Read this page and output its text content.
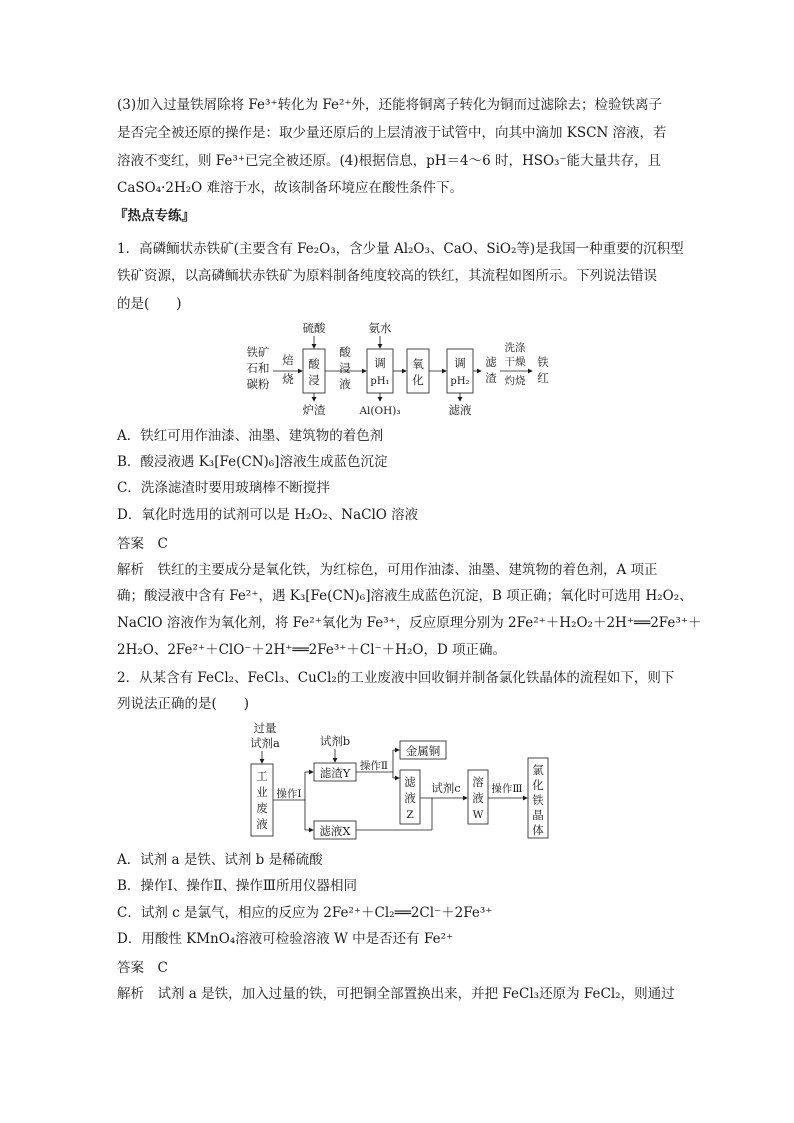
(3)加入过量铁屑除将 Fe³⁺转化为 Fe²⁺外，还能将铜离子转化为铜而过滤除去；检验铁离子
是否完全被还原的操作是：取少量还原后的上层清液于试管中，向其中滴加 KSCN 溶液，若
溶液不变红，则 Fe³⁺已完全被还原。(4)根据信息，pH＝4～6 时，HSO₃⁻能大量共存，且
CaSO₄·2H₂O 难溶于水，故该制备环境应在酸性条件下。
『热点专练』
1．高磷鲕状赤铁矿(主要含有 Fe₂O₃，含少量 Al₂O₃、CaO、SiO₂等)是我国一种重要的沉积型
铁矿资源，以高磷鲕状赤铁矿为原料制备纯度较高的铁红，其流程如图所示。下列说法错误
的是(　　)
铁矿
石和
碳粉
焙
烧
酸
浸
硫酸
炉渣
酸
浸
液
调
pH₁
氨水
Al(OH)₃
氧
化
调
pH₂
滤液
滤
渣
洗涤
干燥
灼烧
铁
红
A．铁红可用作油漆、油墨、建筑物的着色剂
B．酸浸液遇 K₃[Fe(CN)₆]溶液生成蓝色沉淀
C．洗涤滤渣时要用玻璃棒不断搅拌
D．氧化时选用的试剂可以是 H₂O₂、NaClO 溶液
答案　C
解析　铁红的主要成分是氧化铁，为红棕色，可用作油漆、油墨、建筑物的着色剂，A 项正
确；酸浸液中含有 Fe²⁺，遇 K₃[Fe(CN)₆]溶液生成蓝色沉淀，B 项正确；氧化时可选用 H₂O₂、
NaClO 溶液作为氧化剂，将 Fe²⁺氧化为 Fe³⁺，反应原理分别为 2Fe²⁺＋H₂O₂＋2H⁺══2Fe³⁺＋
2H₂O、2Fe²⁺＋ClO⁻＋2H⁺══2Fe³⁺＋Cl⁻＋H₂O，D 项正确。
2．从某含有 FeCl₂、FeCl₃、CuCl₂的工业废液中回收铜并制备氯化铁晶体的流程如下，则下
列说法正确的是(　　)
过量
试剂a
工
业
废
液
操作Ⅰ
试剂b
滤渣Y 操作Ⅱ
金属铜
滤
液
Z
滤液X
试剂c 溶
液
W
操作Ⅲ
氯
化
铁
晶
体
A．试剂 a 是铁、试剂 b 是稀硫酸
B．操作Ⅰ、操作Ⅱ、操作Ⅲ所用仪器相同
C．试剂 c 是氯气，相应的反应为 2Fe²⁺＋Cl₂══2Cl⁻＋2Fe³⁺
D．用酸性 KMnO₄溶液可检验溶液 W 中是否还有 Fe²⁺
答案　C
解析　试剂 a 是铁，加入过量的铁，可把铜全部置换出来，并把 FeCl₃还原为 FeCl₂，则通过
